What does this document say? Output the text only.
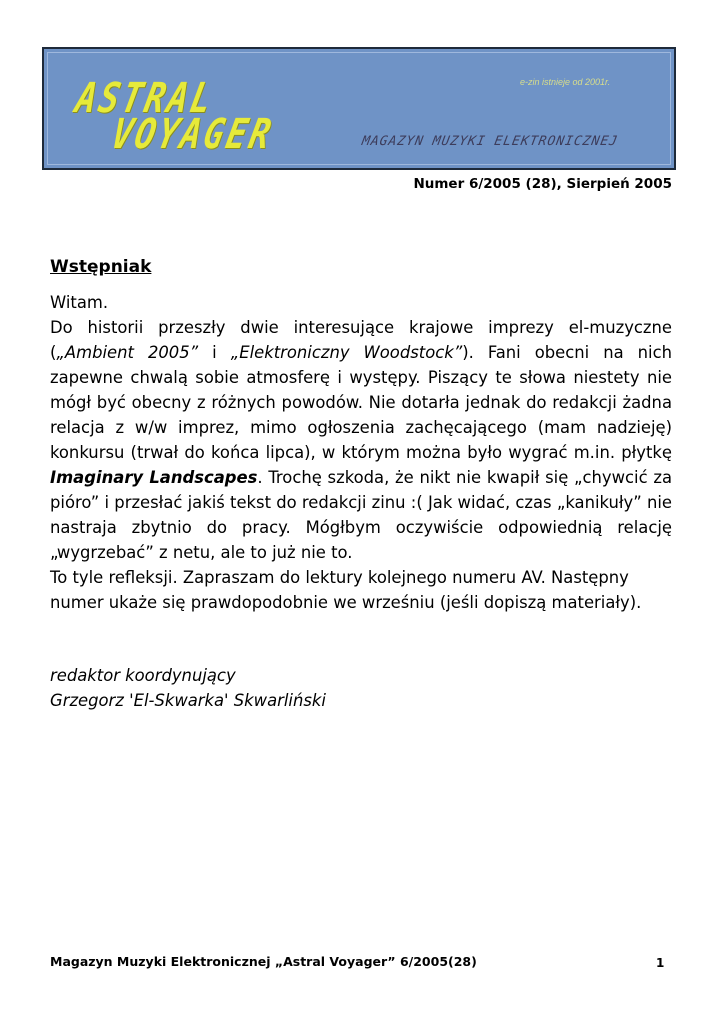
ASTRAL
VOYAGER
e-zin istnieje od 2001r.
MAGAZYN MUZYKI ELEKTRONICZNEJ
Numer 6/2005 (28), Sierpień 2005
Wstępniak

Witam.

Do historii przeszły dwie interesujące krajowe imprezy el-muzyczne („Ambient 2005” i „Elektroniczny Woodstock”). Fani obecni na nich zapewne chwalą sobie atmosferę i występy. Piszący te słowa niestety nie mógł być obecny z różnych powodów. Nie dotarła jednak do redakcji żadna relacja z w/w imprez, mimo ogłoszenia zachęcającego (mam nadzieję) konkursu (trwał do końca lipca), w którym można było wygrać m.in. płytkę Imaginary Landscapes. Trochę szkoda, że nikt nie kwapił się „chywcić za pióro” i przesłać jakiś tekst do redakcji zinu :( Jak widać, czas „kanikuły” nie nastraja zbytnio do pracy. Mógłbym oczywiście odpowiednią relację „wygrzebać” z netu, ale to już nie to.

To tyle refleksji. Zapraszam do lektury kolejnego numeru AV. Następny numer ukaże się prawdopodobnie we wrześniu (jeśli dopiszą materiały).

redaktor koordynujący
Grzegorz 'El-Skwarka' Skwarliński
Magazyn Muzyki Elektronicznej „Astral Voyager” 6/2005(28)	1
